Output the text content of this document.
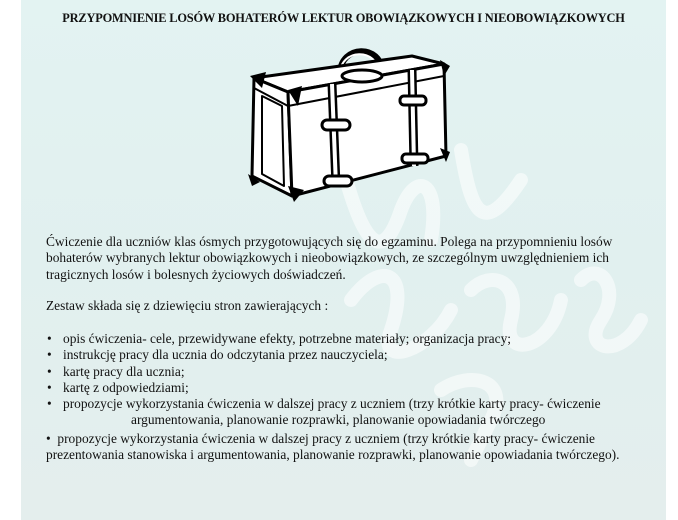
PRZYPOMNIENIE LOSÓW BOHATERÓW LEKTUR OBOWIĄZKOWYCH I NIEOBOWIĄZKOWYCH
Ćwiczenie dla uczniów klas ósmych przygotowujących się do egzaminu. Polega na przypomnieniu losów bohaterów wybranych lektur obowiązkowych i nieobowiązkowych, ze szczególnym uwzględnieniem ich tragicznych losów i bolesnych życiowych doświadczeń.
Zestaw składa się z dziewięciu stron zawierających :
• opis ćwiczenia- cele, przewidywane efekty, potrzebne materiały; organizacja pracy;
• instrukcję pracy dla ucznia do odczytania przez nauczyciela;
• kartę pracy dla ucznia;
• kartę z odpowiedziami;
• propozycje wykorzystania ćwiczenia w dalszej pracy z uczniem (trzy krótkie karty pracy- ćwiczenie
argumentowania, planowanie rozprawki, planowanie opowiadania twórczego
• propozycje wykorzystania ćwiczenia w dalszej pracy z uczniem (trzy krótkie karty pracy- ćwiczenie prezentowania stanowiska i argumentowania, planowanie rozprawki, planowanie opowiadania twórczego).
